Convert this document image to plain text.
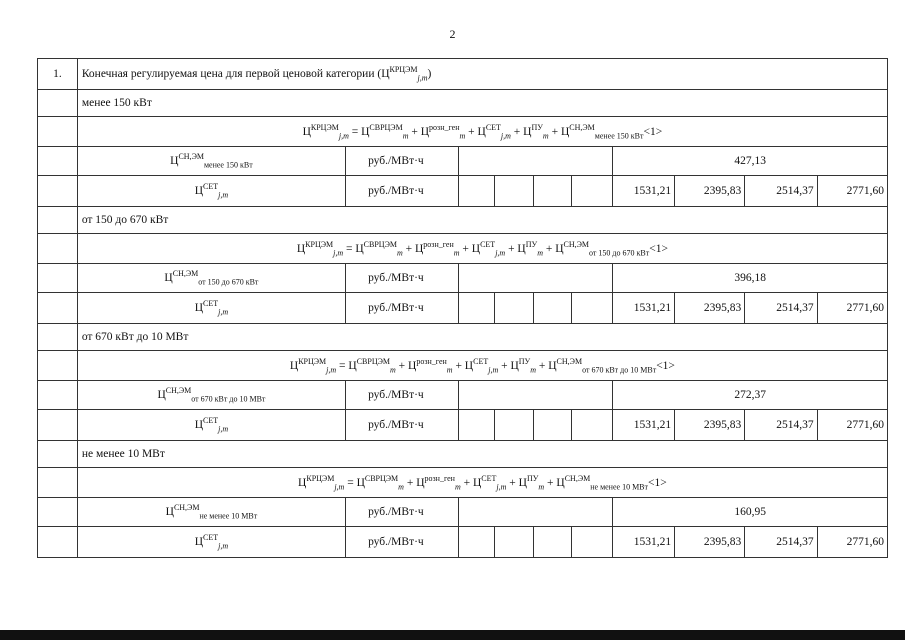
2
1.	Конечная регулируемая цена для первой ценовой категории $(Ц^{КРЦЭМ}_{j,m})$									
	менее 150 кВт									
	$Ц^{КРЦЭМ}_{j,m} = Ц^{СВРЦЭМ}_m + Ц^{розн\_ген}_m + Ц^{СЕТ}_{j,m} + Ц^{ПУ}_m + Ц^{СН,ЭМ}_{менее 150 кВт}<1>$									
	$Ц^{СН,ЭМ}_{менее 150 кВт}$	руб./МВт·ч					427,13			
	$Ц^{СЕТ}_{j,m}$	руб./МВт·ч					1531,21	2395,83	2514,37	2771,60
	от 150 до 670 кВт									
	$Ц^{КРЦЭМ}_{j,m} = Ц^{СВРЦЭМ}_m + Ц^{розн\_ген}_m + Ц^{СЕТ}_{j,m} + Ц^{ПУ}_m + Ц^{СН,ЭМ}_{от 150 до 670 кВт}<1>$									
	$Ц^{СН,ЭМ}_{от 150 до 670 кВт}$	руб./МВт·ч					396,18			
	$Ц^{СЕТ}_{j,m}$	руб./МВт·ч					1531,21	2395,83	2514,37	2771,60
	от 670 кВт до 10 МВт									
	$Ц^{КРЦЭМ}_{j,m} = Ц^{СВРЦЭМ}_m + Ц^{розн\_ген}_m + Ц^{СЕТ}_{j,m} + Ц^{ПУ}_m + Ц^{СН,ЭМ}_{от 670 кВт до 10 МВт}<1>$									
	$Ц^{СН,ЭМ}_{от 670 кВт до 10 МВт}$	руб./МВт·ч					272,37			
	$Ц^{СЕТ}_{j,m}$	руб./МВт·ч					1531,21	2395,83	2514,37	2771,60
	не менее 10 МВт									
	$Ц^{КРЦЭМ}_{j,m} = Ц^{СВРЦЭМ}_m + Ц^{розн\_ген}_m + Ц^{СЕТ}_{j,m} + Ц^{ПУ}_m + Ц^{СН,ЭМ}_{не менее 10 МВт}<1>$									
	$Ц^{СН,ЭМ}_{не менее 10 МВт}$	руб./МВт·ч					160,95			
	$Ц^{СЕТ}_{j,m}$	руб./МВт·ч					1531,21	2395,83	2514,37	2771,60
